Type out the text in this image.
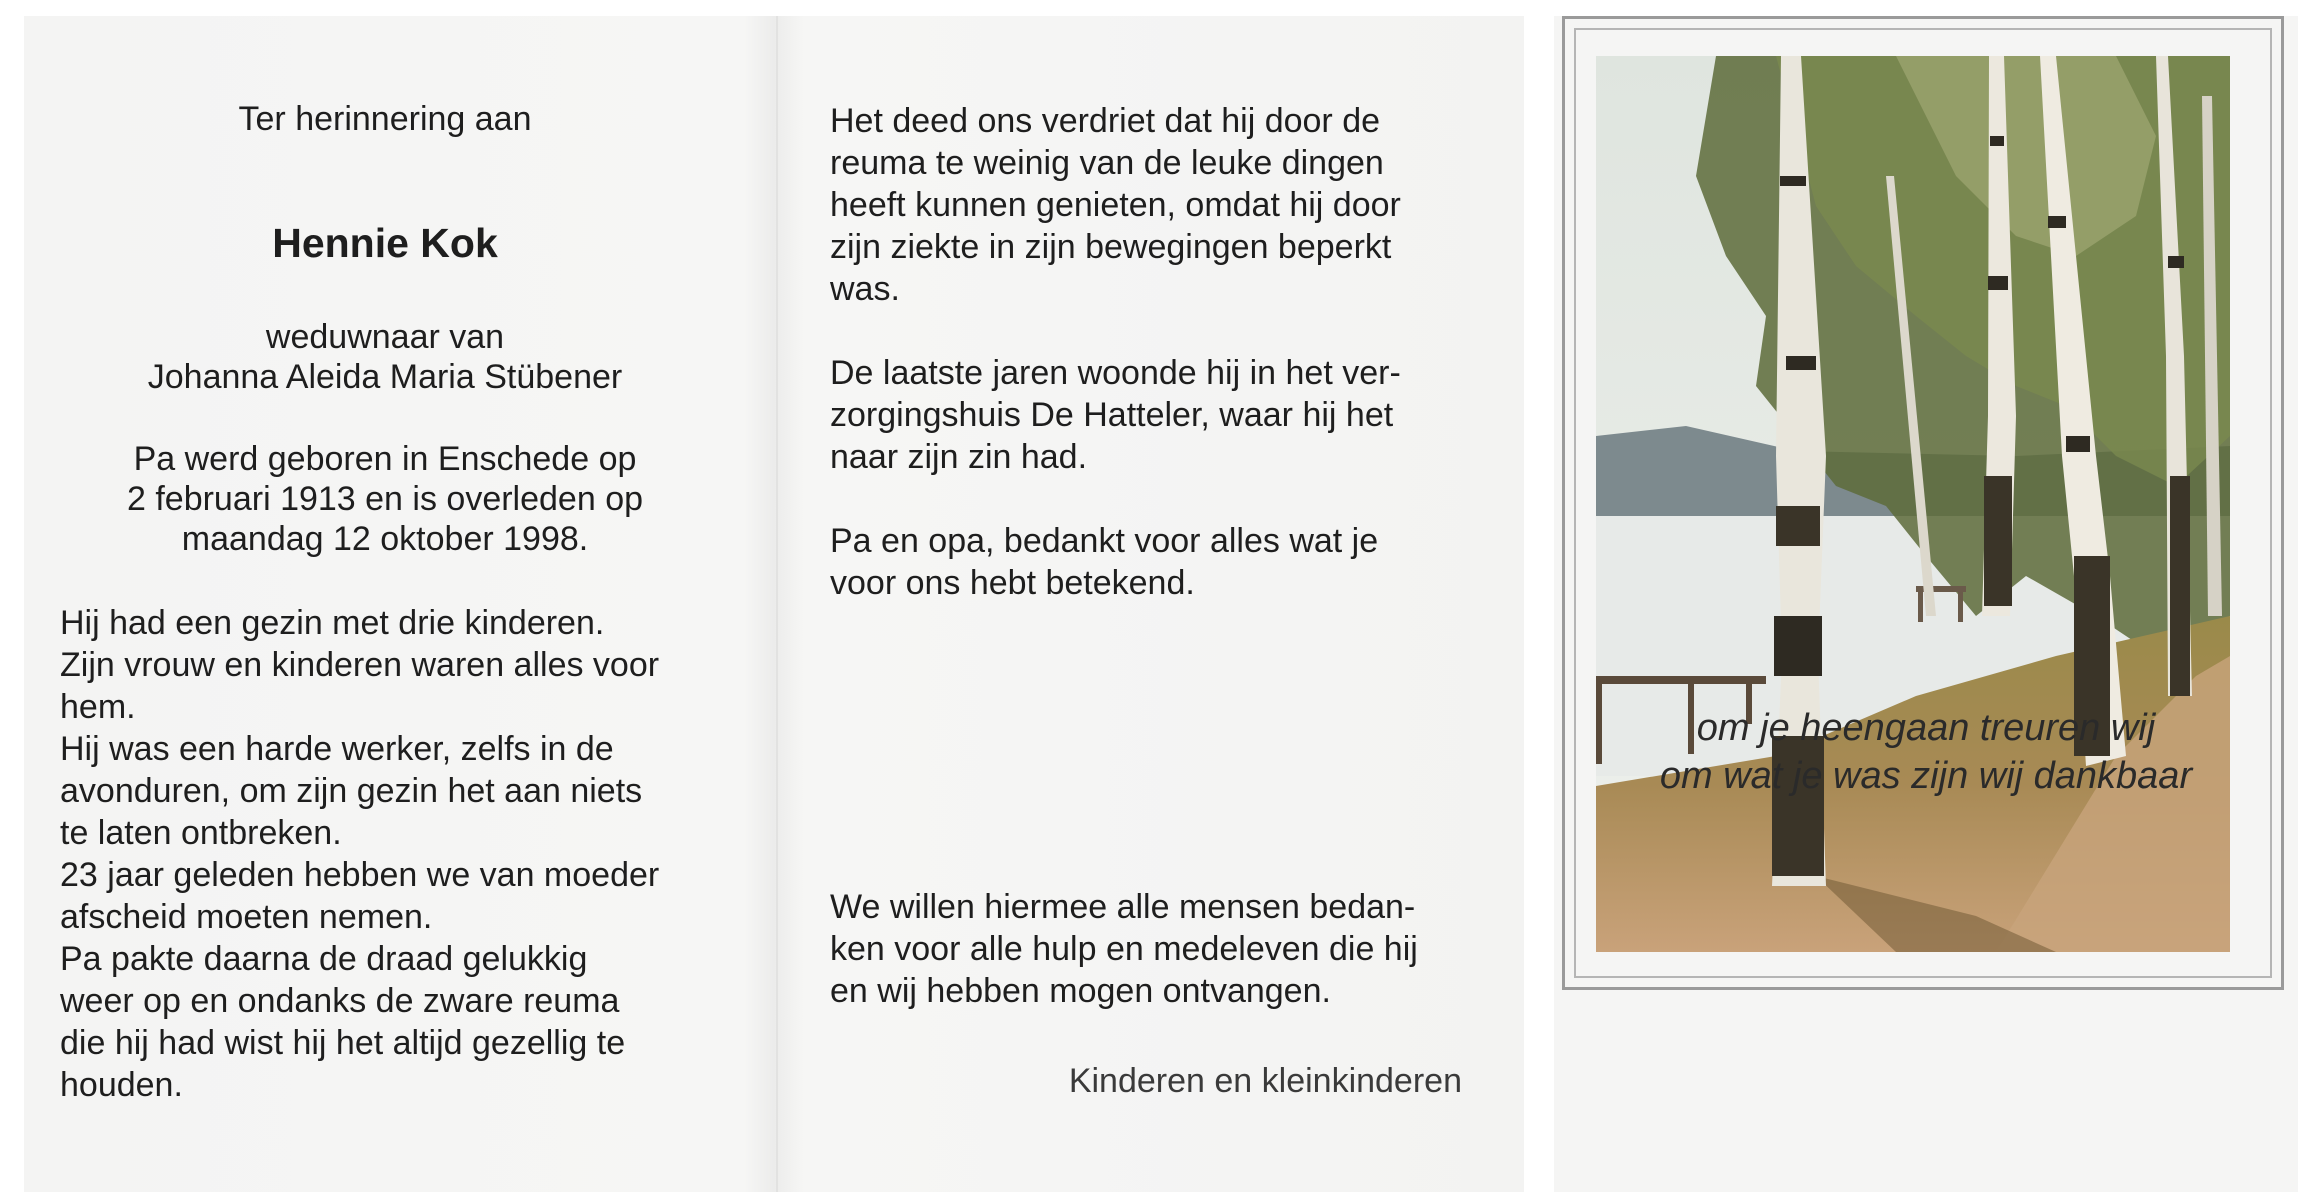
Ter herinnering aan
Hennie Kok
weduwnaar van
Johanna Aleida Maria Stübener
Pa werd geboren in Enschede op
2 februari 1913 en is overleden op
maandag 12 oktober 1998.
Hij had een gezin met drie kinderen.
Zijn vrouw en kinderen waren alles voor
hem.
Hij was een harde werker, zelfs in de
avonduren, om zijn gezin het aan niets
te laten ontbreken.
23 jaar geleden hebben we van moeder
afscheid moeten nemen.
Pa pakte daarna de draad gelukkig
weer op en ondanks de zware reuma
die hij had wist hij het altijd gezellig te
houden.
Het deed ons verdriet dat hij door de
reuma te weinig van de leuke dingen
heeft kunnen genieten, omdat hij door
zijn ziekte in zijn bewegingen beperkt
was.
De laatste jaren woonde hij in het ver-
zorgingshuis De Hatteler, waar hij het
naar zijn zin had.
Pa en opa, bedankt voor alles wat je
voor ons hebt betekend.
We willen hiermee alle mensen bedan-
ken voor alle hulp en medeleven die hij
en wij hebben mogen ontvangen.
Kinderen en kleinkinderen
om je heengaan treuren wij
om wat je was zijn wij dankbaar
